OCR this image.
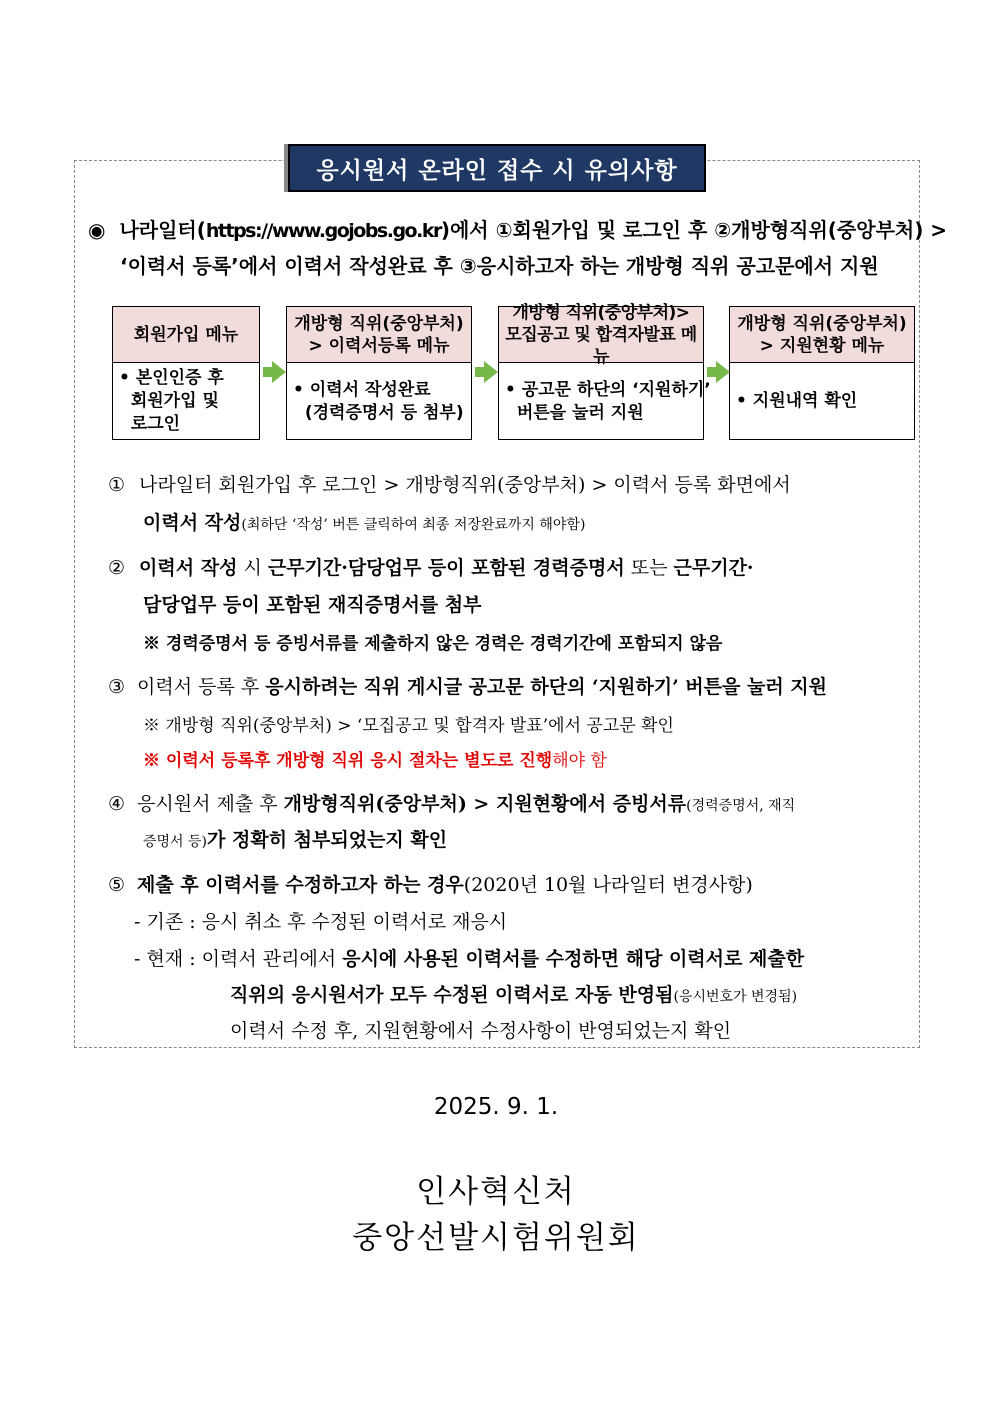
응시원서 온라인 접수 시 유의사항
◉ 나라일터(https://www.gojobs.go.kr)에서 ①회원가입 및 로그인 후 ②개방형직위(중앙부처) >
‘이력서 등록’에서 이력서 작성완료 후 ③응시하고자 하는 개방형 직위 공고문에서 지원
회원가입 메뉴
• 본인인증 후
회원가입 및
로그인
개방형 직위(중앙부처)
> 이력서등록 메뉴
• 이력서 작성완료
(경력증명서 등 첨부)
개방형 직위(중앙부처)>
모집공고 및 합격자발표 메뉴
• 공고문 하단의 ‘지원하기’
버튼을 눌러 지원
개방형 직위(중앙부처)
> 지원현황 메뉴
• 지원내역 확인
① 나라일터 회원가입 후 로그인 > 개방형직위(중앙부처) > 이력서 등록 화면에서
이력서 작성(최하단 ‘작성’ 버튼 클릭하여 최종 저장완료까지 해야함)
② 이력서 작성 시 근무기간·담당업무 등이 포함된 경력증명서 또는 근무기간·
담당업무 등이 포함된 재직증명서를 첨부
※ 경력증명서 등 증빙서류를 제출하지 않은 경력은 경력기간에 포함되지 않음
③ 이력서 등록 후 응시하려는 직위 게시글 공고문 하단의 ‘지원하기’ 버튼을 눌러 지원
※ 개방형 직위(중앙부처) > ‘모집공고 및 합격자 발표’에서 공고문 확인
※ 이력서 등록후 개방형 직위 응시 절차는 별도로 진행해야 함
④ 응시원서 제출 후 개방형직위(중앙부처) > 지원현황에서 증빙서류(경력증명서, 재직
증명서 등)가 정확히 첨부되었는지 확인
⑤ 제출 후 이력서를 수정하고자 하는 경우(2020년 10월 나라일터 변경사항)
- 기존 : 응시 취소 후 수정된 이력서로 재응시
- 현재 : 이력서 관리에서 응시에 사용된 이력서를 수정하면 해당 이력서로 제출한
직위의 응시원서가 모두 수정된 이력서로 자동 반영됨(응시번호가 변경됨)
이력서 수정 후, 지원현황에서 수정사항이 반영되었는지 확인
2025. 9. 1.
인사혁신처
중앙선발시험위원회
